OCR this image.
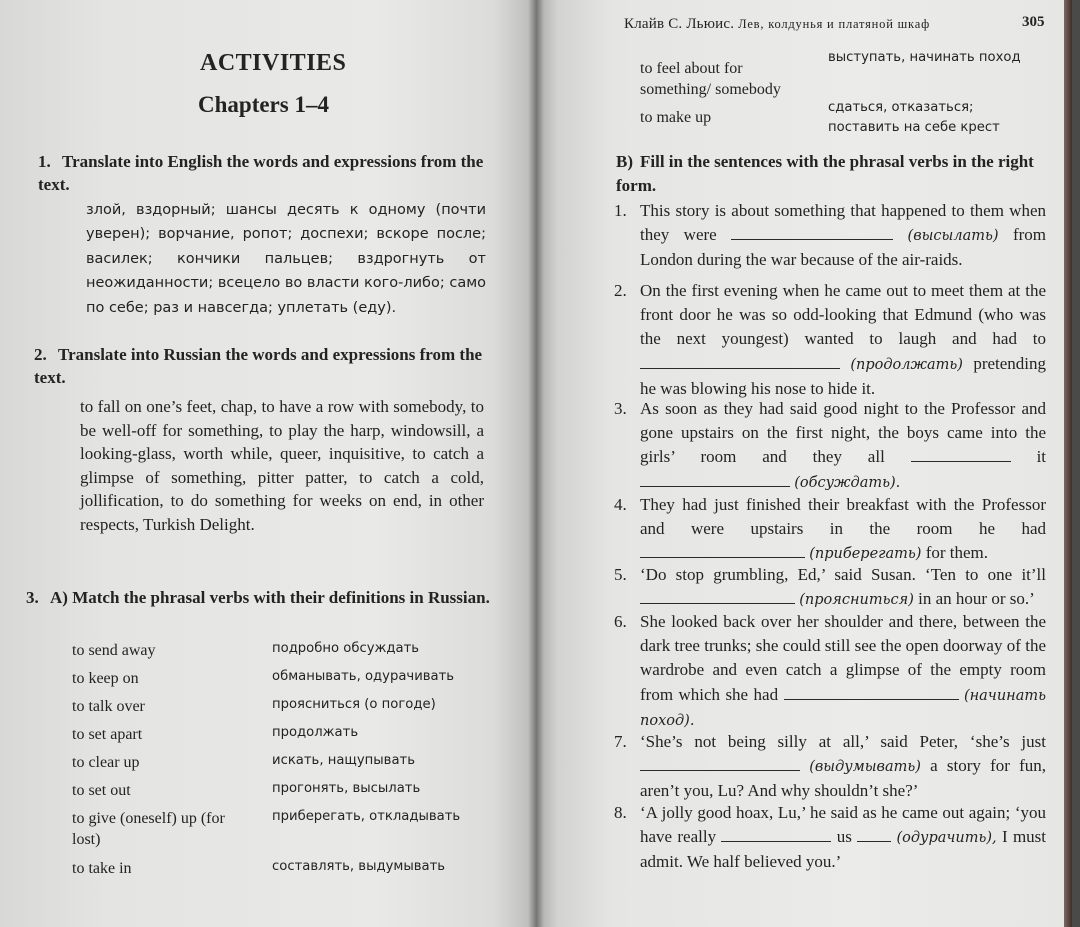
ACTIVITIES
Chapters 1–4
1. Translate into English the words and expressions from the text.
злой, вздорный; шансы десять к одному (почти уверен); ворчание, ропот; доспехи; вскоре после; василек; кончики пальцев; вздрогнуть от неожиданности; всецело во власти кого-либо; само по себе; раз и навсегда; уплетать (еду).
2. Translate into Russian the words and expressions from the text.
to fall on one’s feet, chap, to have a row with somebody, to be well-off for something, to play the harp, windowsill, a looking-glass, worth while, queer, inquisitive, to catch a glimpse of something, pitter patter, to catch a cold, jollification, to do something for weeks on end, in other respects, Turkish Delight.
3. A) Match the phrasal verbs with their definitions in Russian.
to send away	подробно обсуждать
to keep on	обманывать, одурачивать
to talk over	проясниться (о погоде)
to set apart	продолжать
to clear up	искать, нащупывать
to set out	прогонять, высылать
to give (oneself) up (for lost)
приберегать, откладывать
to take in	составлять, выдумывать
Клайв С. Льюис. Лев, колдунья и платяной шкаф	305
to feel about for something/ somebody
выступать, начинать поход
to make up
сдаться, отказаться; поставить на себе крест
B) Fill in the sentences with the phrasal verbs in the right form.
1. This story is about something that happened to them when they were	(высылать) from London during the war because of the air-raids.
2. On the first evening when he came out to meet them at the front door he was so odd-looking that Edmund (who was the next youngest) wanted to laugh and had to  (продолжать) pretending he was blowing his nose to hide it.
3. As soon as they had said good night to the Professor and gone upstairs on the first night, the boys came into the girls’ room and they all	it  (обсуждать).
4. They had just finished their breakfast with the Professor and were upstairs in the room he had  (приберегать) for them.
5. ‘Do stop grumbling, Ed,’ said Susan. ‘Ten to one it’ll  (проясниться) in an hour or so.’
6. She looked back over her shoulder and there, between the dark tree trunks; she could still see the open doorway of the wardrobe and even catch a glimpse of the empty room from which she had	(начинать поход).
7. ‘She’s not being silly at all,’ said Peter, ‘she’s just  (выдумывать) a story for fun, aren’t you, Lu? And why shouldn’t she?’
8. ‘A jolly good hoax, Lu,’ he said as he came out again; ‘you have really	us	(одурачить), I must admit. We half believed you.’
